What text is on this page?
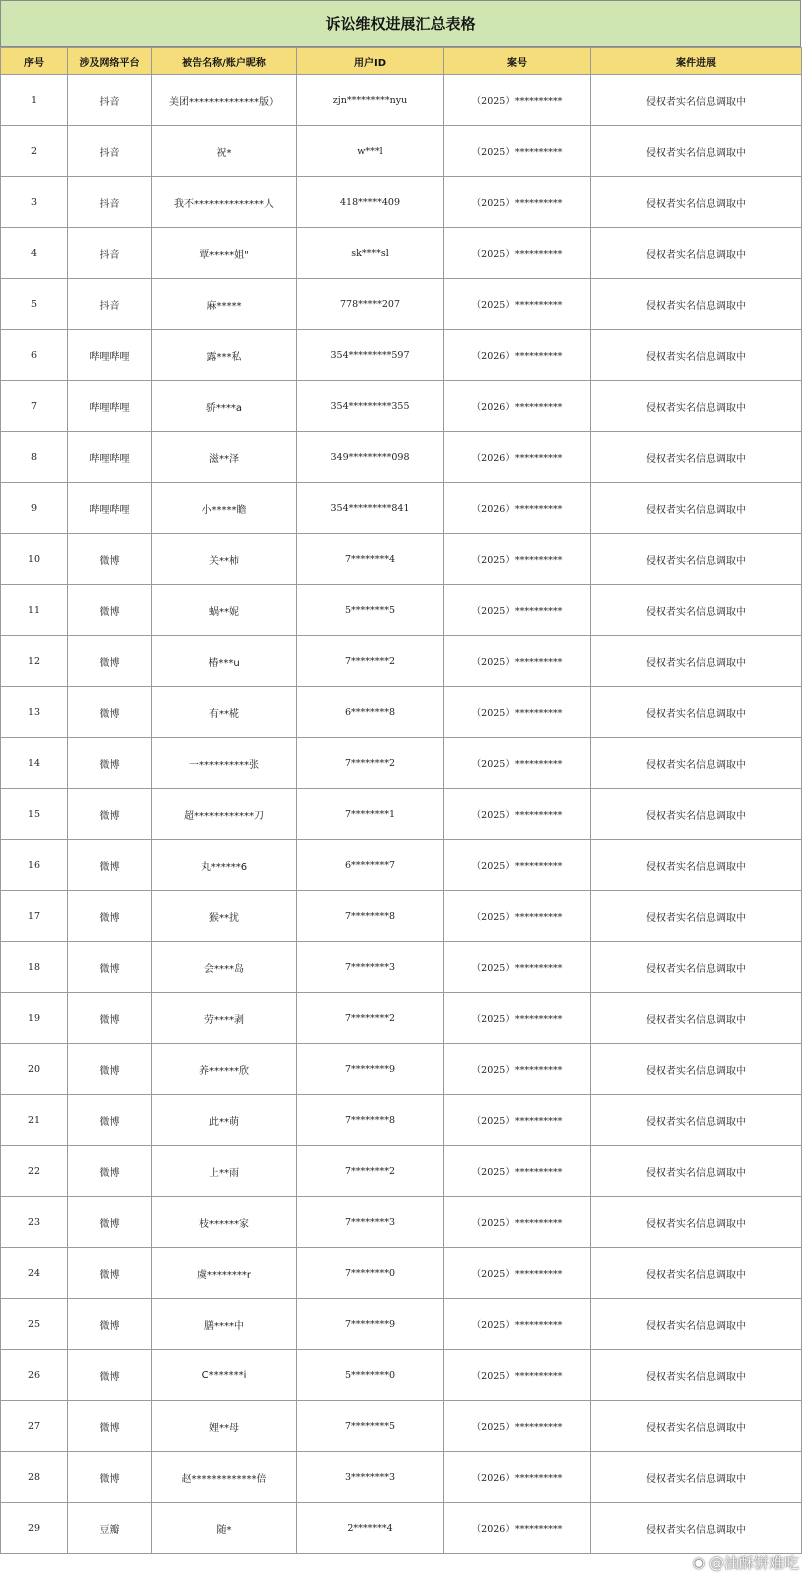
诉讼维权进展汇总表格
序号	涉及网络平台	被告名称/账户昵称	用户ID	案号	案件进展
1	抖音	美团**************版）	zjn*********nyu	（2025）**********	侵权者实名信息调取中
2	抖音	祝*	w***l	（2025）**********	侵权者实名信息调取中
3	抖音	我不**************人	418*****409	（2025）**********	侵权者实名信息调取中
4	抖音	覃*****姐"	sk****sl	（2025）**********	侵权者实名信息调取中
5	抖音	麻*****	778*****207	（2025）**********	侵权者实名信息调取中
6	哔哩哔哩	露***私	354*********597	（2026）**********	侵权者实名信息调取中
7	哔哩哔哩	骄****a	354*********355	（2026）**********	侵权者实名信息调取中
8	哔哩哔哩	滋**泽	349*********098	（2026）**********	侵权者实名信息调取中
9	哔哩哔哩	小*****瞻	354*********841	（2026）**********	侵权者实名信息调取中
10	微博	关**柿	7********4	（2025）**********	侵权者实名信息调取中
11	微博	蜗**妮	5********5	（2025）**********	侵权者实名信息调取中
12	微博	椿***u	7********2	（2025）**********	侵权者实名信息调取中
13	微博	有**椛	6********8	（2025）**********	侵权者实名信息调取中
14	微博	一**********张	7********2	（2025）**********	侵权者实名信息调取中
15	微博	超************刀	7********1	（2025）**********	侵权者实名信息调取中
16	微博	丸******6	6********7	（2025）**********	侵权者实名信息调取中
17	微博	猴**扰	7********8	（2025）**********	侵权者实名信息调取中
18	微博	会****岛	7********3	（2025）**********	侵权者实名信息调取中
19	微博	劳****剥	7********2	（2025）**********	侵权者实名信息调取中
20	微博	养******欣	7********9	（2025）**********	侵权者实名信息调取中
21	微博	此**萌	7********8	（2025）**********	侵权者实名信息调取中
22	微博	上**雨	7********2	（2025）**********	侵权者实名信息调取中
23	微博	枝******家	7********3	（2025）**********	侵权者实名信息调取中
24	微博	虞********r	7********0	（2025）**********	侵权者实名信息调取中
25	微博	膳****中	7********9	（2025）**********	侵权者实名信息调取中
26	微博	C*******i	5********0	（2025）**********	侵权者实名信息调取中
27	微博	娌**母	7********5	（2025）**********	侵权者实名信息调取中
28	微博	赵*************倍	3********3	（2026）**********	侵权者实名信息调取中
29	豆瓣	随*	2*******4	（2026）**********	侵权者实名信息调取中
◉ @油酥饼难吃
